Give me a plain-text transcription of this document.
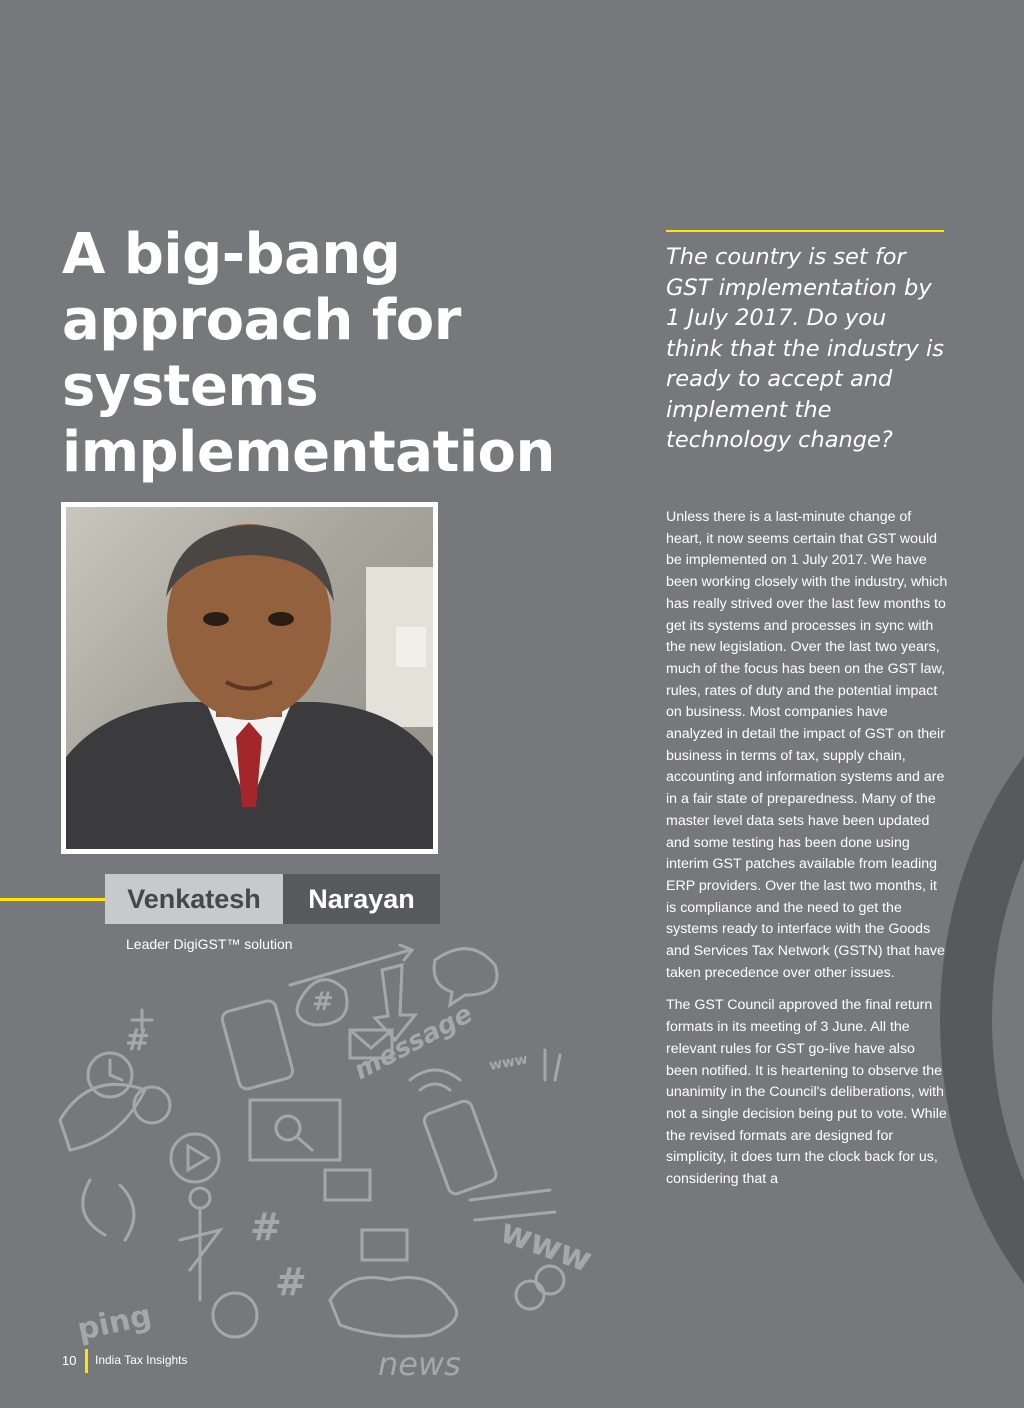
A big-bang approach for systems implementation

The country is set for GST implementation by 1 July 2017. Do you think that the industry is ready to accept and implement the technology change?

Venkatesh	Narayan
Leader DigiGST™ solution

Unless there is a last-minute change of heart, it now seems certain that GST would be implemented on 1 July 2017. We have been working closely with the industry, which has really strived over the last few months to get its systems and processes in sync with the new legislation. Over the last two years, much of the focus has been on the GST law, rules, rates of duty and the potential impact on business. Most companies have analyzed in detail the impact of GST on their business in terms of tax, supply chain, accounting and information systems and are in a fair state of preparedness. Many of the master level data sets have been updated and some testing has been done using interim GST patches available from leading ERP providers. Over the last two months, it is compliance and the need to get the systems ready to interface with the Goods and Services Tax Network (GSTN) that have taken precedence over other issues.

The GST Council approved the final return formats in its meeting of 3 June. All the relevant rules for GST go-live have also been notified. It is heartening to observe the unanimity in the Council's deliberations, with not a single decision being put to vote. While the revised formats are designed for simplicity, it does turn the clock back for us, considering that a

#
#
#
#
message www
www
ping
news
10 India Tax Insights
